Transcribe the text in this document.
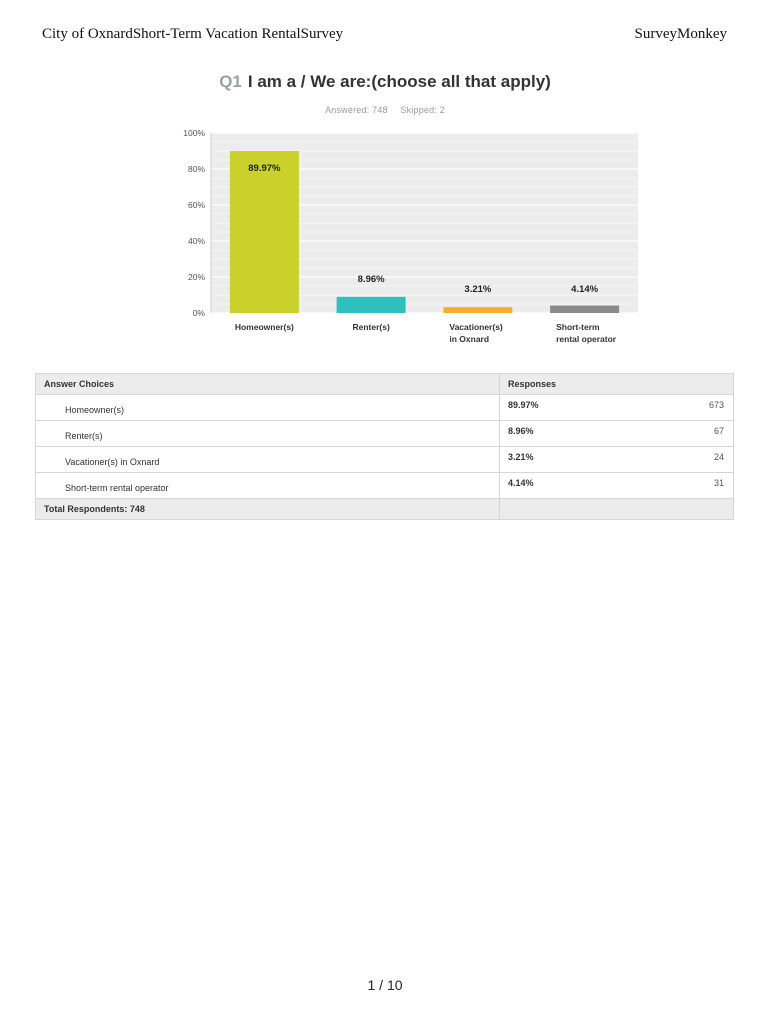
City of OxnardShort-Term Vacation RentalSurvey	SurveyMonkey
Q1 I am a / We are:(choose all that apply)
Answered: 748 Skipped: 2
0%
20%
40%
60%
80%
100%
89.97%
Homeowner(s)
8.96%
Renter(s)
3.21%
Vacationer(s)
in Oxnard
4.14%
Short-term
rental operator
Answer Choices	Responses

Homeowner(s)	89.97% 673

Renter(s)	8.96% 67

Vacationer(s) in Oxnard	3.21% 24

Short-term rental operator	4.14% 31

Total Respondents: 748	
1 / 10
